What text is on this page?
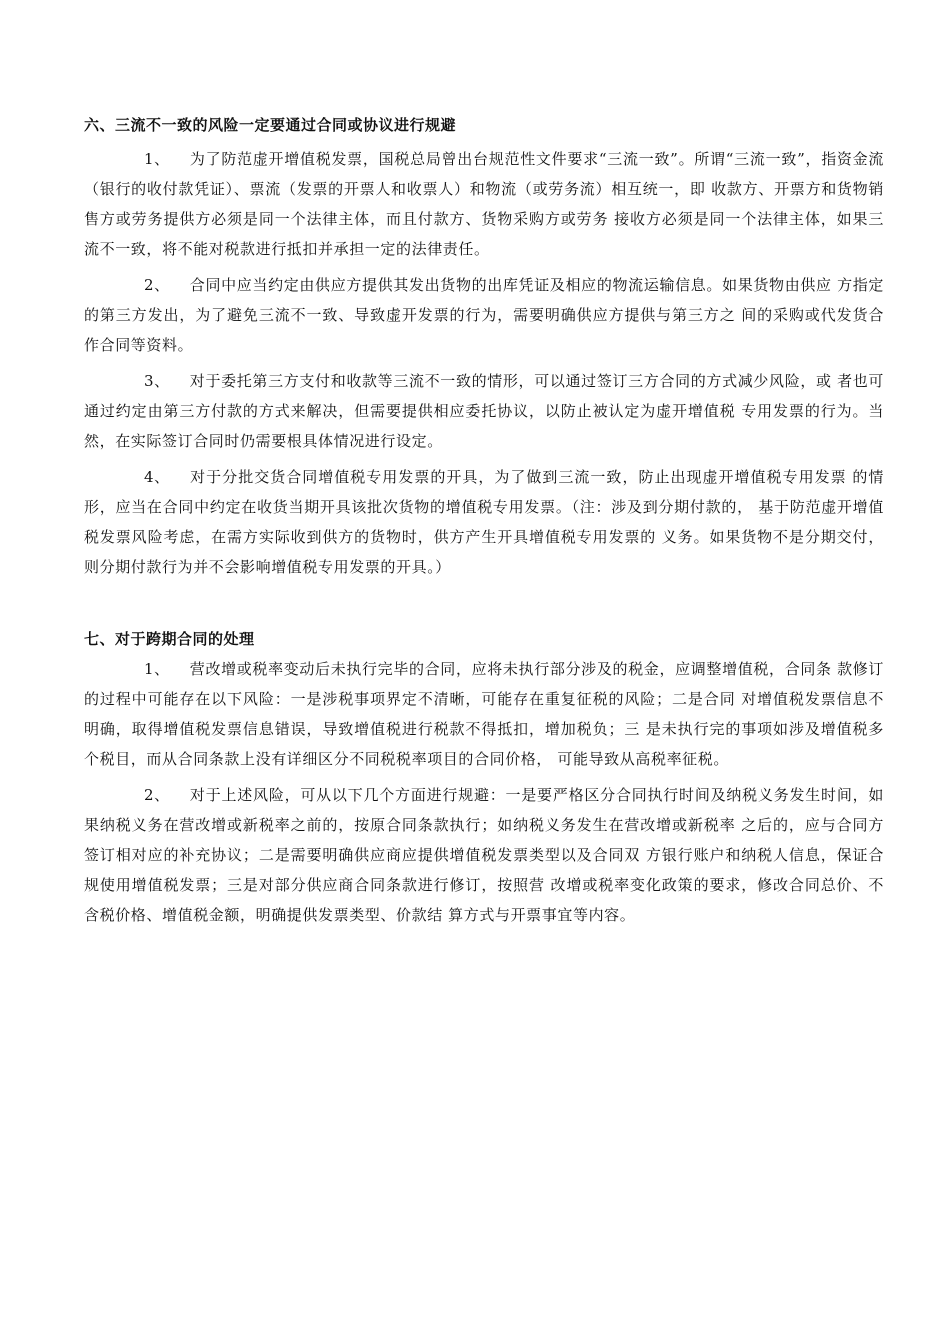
六、三流不一致的风险一定要通过合同或协议进行规避

1、 为了防范虚开增值税发票，国税总局曾出台规范性文件要求“三流一致”。所谓“三流一致”，指资金流（银行的收付款凭证）、票流（发票的开票人和收票人）和物流（或劳务流）相互统一，即 收款方、开票方和货物销售方或劳务提供方必须是同一个法律主体，而且付款方、货物采购方或劳务 接收方必须是同一个法律主体，如果三流不一致，将不能对税款进行抵扣并承担一定的法律责任。

2、 合同中应当约定由供应方提供其发出货物的出库凭证及相应的物流运输信息。如果货物由供应 方指定的第三方发出，为了避免三流不一致、导致虚开发票的行为，需要明确供应方提供与第三方之 间的采购或代发货合作合同等资料。

3、 对于委托第三方支付和收款等三流不一致的情形，可以通过签订三方合同的方式减少风险，或 者也可通过约定由第三方付款的方式来解决，但需要提供相应委托协议，以防止被认定为虚开增值税 专用发票的行为。当然，在实际签订合同时仍需要根具体情况进行设定。

4、 对于分批交货合同增值税专用发票的开具，为了做到三流一致，防止出现虚开增值税专用发票 的情形，应当在合同中约定在收货当期开具该批次货物的增值税专用发票。（注：涉及到分期付款的， 基于防范虚开增值税发票风险考虑，在需方实际收到供方的货物时，供方产生开具增值税专用发票的 义务。如果货物不是分期交付，则分期付款行为并不会影响增值税专用发票的开具。）

七、对于跨期合同的处理

1、 营改增或税率变动后未执行完毕的合同，应将未执行部分涉及的税金，应调整增值税，合同条 款修订的过程中可能存在以下风险：一是涉税事项界定不清晰，可能存在重复征税的风险；二是合同 对增值税发票信息不明确，取得增值税发票信息错误，导致增值税进行税款不得抵扣，增加税负；三 是未执行完的事项如涉及增值税多个税目，而从合同条款上没有详细区分不同税税率项目的合同价格， 可能导致从高税率征税。

2、 对于上述风险，可从以下几个方面进行规避：一是要严格区分合同执行时间及纳税义务发生时间，如果纳税义务在营改增或新税率之前的，按原合同条款执行；如纳税义务发生在营改增或新税率 之后的，应与合同方签订相对应的补充协议；二是需要明确供应商应提供增值税发票类型以及合同双 方银行账户和纳税人信息，保证合规使用增值税发票；三是对部分供应商合同条款进行修订，按照营 改增或税率变化政策的要求，修改合同总价、不含税价格、增值税金额，明确提供发票类型、价款结 算方式与开票事宜等内容。
